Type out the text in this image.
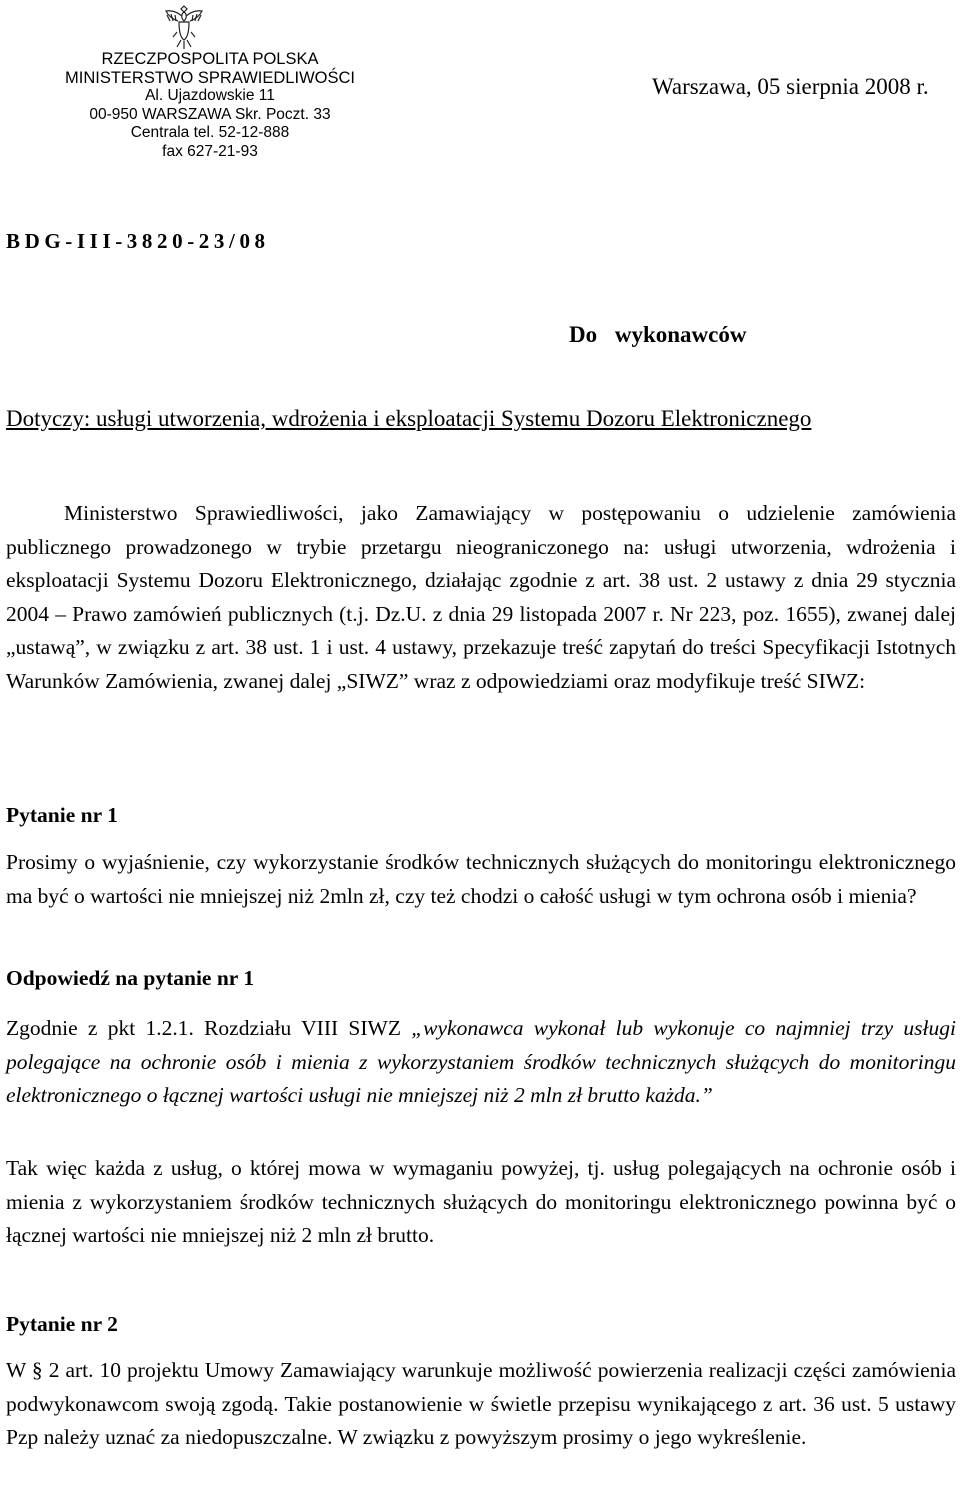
RZECZPOSPOLITA POLSKA
MINISTERSTWO SPRAWIEDLIWOŚCI
Al. Ujazdowskie 11
00-950 WARSZAWA Skr. Poczt. 33
Centrala tel. 52-12-888
fax 627-21-93
Warszawa, 05 sierpnia 2008 r.
BDG-III-3820-23/08
Do wykonawców
Dotyczy: usługi utworzenia, wdrożenia i eksploatacji Systemu Dozoru Elektronicznego
Ministerstwo Sprawiedliwości, jako Zamawiający w postępowaniu o udzielenie zamówienia publicznego prowadzonego w trybie przetargu nieograniczonego na: usługi utworzenia, wdrożenia i eksploatacji Systemu Dozoru Elektronicznego, działając zgodnie z art. 38 ust. 2 ustawy z dnia 29 stycznia 2004 – Prawo zamówień publicznych (t.j. Dz.U. z dnia 29 listopada 2007 r. Nr 223, poz. 1655), zwanej dalej „ustawą”, w związku z art. 38 ust. 1 i ust. 4 ustawy, przekazuje treść zapytań do treści Specyfikacji Istotnych Warunków Zamówienia, zwanej dalej „SIWZ” wraz z odpowiedziami oraz modyfikuje treść SIWZ:
Pytanie nr 1
Prosimy o wyjaśnienie, czy wykorzystanie środków technicznych służących do monitoringu elektronicznego ma być o wartości nie mniejszej niż 2mln zł, czy też chodzi o całość usługi w tym ochrona osób i mienia?
Odpowiedź na pytanie nr 1
Zgodnie z pkt 1.2.1. Rozdziału VIII SIWZ „wykonawca wykonał lub wykonuje co najmniej trzy usługi polegające na ochronie osób i mienia z wykorzystaniem środków technicznych służących do monitoringu elektronicznego o łącznej wartości usługi nie mniejszej niż 2 mln zł brutto każda.”
Tak więc każda z usług, o której mowa w wymaganiu powyżej, tj. usług polegających na ochronie osób i mienia z wykorzystaniem środków technicznych służących do monitoringu elektronicznego powinna być o łącznej wartości nie mniejszej niż 2 mln zł brutto.
Pytanie nr 2
W § 2 art. 10 projektu Umowy Zamawiający warunkuje możliwość powierzenia realizacji części zamówienia podwykonawcom swoją zgodą. Takie postanowienie w świetle przepisu wynikającego z art. 36 ust. 5 ustawy Pzp należy uznać za niedopuszczalne. W związku z powyższym prosimy o jego wykreślenie.
